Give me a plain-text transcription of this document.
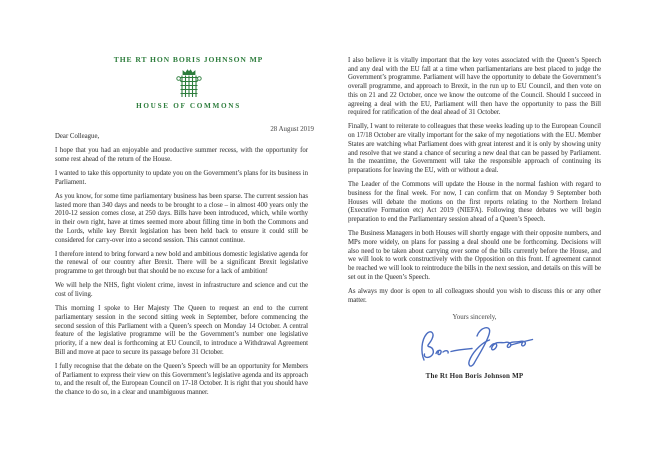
THE RT HON BORIS JOHNSON MP
HOUSE OF COMMONS
28 August 2019

Dear Colleague,

I hope that you had an enjoyable and productive summer recess, with the opportunity for some rest ahead of the return of the House.

I wanted to take this opportunity to update you on the Government’s plans for its business in Parliament.

As you know, for some time parliamentary business has been sparse. The current session has lasted more than 340 days and needs to be brought to a close – in almost 400 years only the 2010-12 session comes close, at 250 days. Bills have been introduced, which, while worthy in their own right, have at times seemed more about filling time in both the Commons and the Lords, while key Brexit legislation has been held back to ensure it could still be considered for carry-over into a second session. This cannot continue.

I therefore intend to bring forward a new bold and ambitious domestic legislative agenda for the renewal of our country after Brexit. There will be a significant Brexit legislative programme to get through but that should be no excuse for a lack of ambition!

We will help the NHS, fight violent crime, invest in infrastructure and science and cut the cost of living.

This morning I spoke to Her Majesty The Queen to request an end to the current parliamentary session in the second sitting week in September, before commencing the second session of this Parliament with a Queen’s speech on Monday 14 October. A central feature of the legislative programme will be the Government’s number one legislative priority, if a new deal is forthcoming at EU Council, to introduce a Withdrawal Agreement Bill and move at pace to secure its passage before 31 October.

I fully recognise that the debate on the Queen’s Speech will be an opportunity for Members of Parliament to express their view on this Government’s legislative agenda and its approach to, and the result of, the European Council on 17-18 October. It is right that you should have the chance to do so, in a clear and unambiguous manner.

I also believe it is vitally important that the key votes associated with the Queen’s Speech and any deal with the EU fall at a time when parliamentarians are best placed to judge the Government’s programme. Parliament will have the opportunity to debate the Government’s overall programme, and approach to Brexit, in the run up to EU Council, and then vote on this on 21 and 22 October, once we know the outcome of the Council. Should I succeed in agreeing a deal with the EU, Parliament will then have the opportunity to pass the Bill required for ratification of the deal ahead of 31 October.

Finally, I want to reiterate to colleagues that these weeks leading up to the European Council on 17/18 October are vitally important for the sake of my negotiations with the EU. Member States are watching what Parliament does with great interest and it is only by showing unity and resolve that we stand a chance of securing a new deal that can be passed by Parliament. In the meantime, the Government will take the responsible approach of continuing its preparations for leaving the EU, with or without a deal.

The Leader of the Commons will update the House in the normal fashion with regard to business for the final week. For now, I can confirm that on Monday 9 September both Houses will debate the motions on the first reports relating to the Northern Ireland (Executive Formation etc) Act 2019 (NIEFA). Following these debates we will begin preparation to end the Parliamentary session ahead of a Queen’s Speech.

The Business Managers in both Houses will shortly engage with their opposite numbers, and MPs more widely, on plans for passing a deal should one be forthcoming. Decisions will also need to be taken about carrying over some of the bills currently before the House, and we will look to work constructively with the Opposition on this front. If agreement cannot be reached we will look to reintroduce the bills in the next session, and details on this will be set out in the Queen’s Speech.

As always my door is open to all colleagues should you wish to discuss this or any other matter.

Yours sincerely,
The Rt Hon Boris Johnson MP
